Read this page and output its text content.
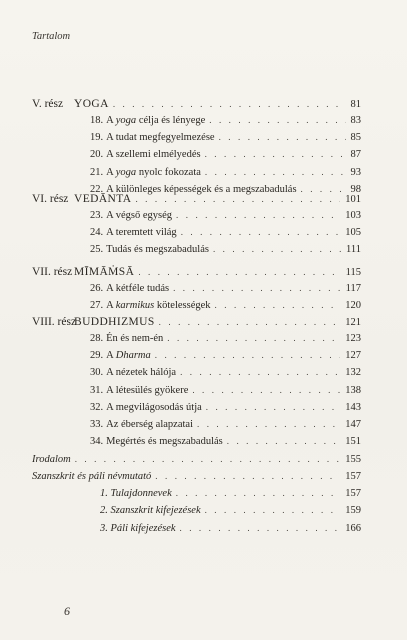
Tartalom
V. rész YOGA . . .	81
18. A yoga célja és lényege . . .	83
19. A tudat megfegyelmezése . . .	85
20. A szellemi elmélyedés . . .	87
21. A yoga nyolc fokozata . . .	93
22. A különleges képességek és a megszabadulás . . .	98
VI. rész VEDĀNTA . . .	101
23. A végső egység . . .	103
24. A teremtett világ . . .	105
25. Tudás és megszabadulás . . .	111
VII. rész MĪMĀṀSĀ . . .	115
26. A kétféle tudás . . .	117
27. A karmikus kötelességek . . .	120
VIII. részBUDDHIZMUS . . .	121
28. Én és nem-én . . .	123
29. A Dharma . . .	127
30. A nézetek hálója . . .	132
31. A létesülés gyökere . . .	138
32. A megvilágosodás útja . . .	143
33. Az éberség alapzatai . . .	147
34. Megértés és megszabadulás . . .	151
Irodalom . . .	155
Szanszkrit és páli névmutató . . .	157
1. Tulajdonnevek . . .	157
2. Szanszkrit kifejezések . . .	159
3. Páli kifejezések . . .	166
6
